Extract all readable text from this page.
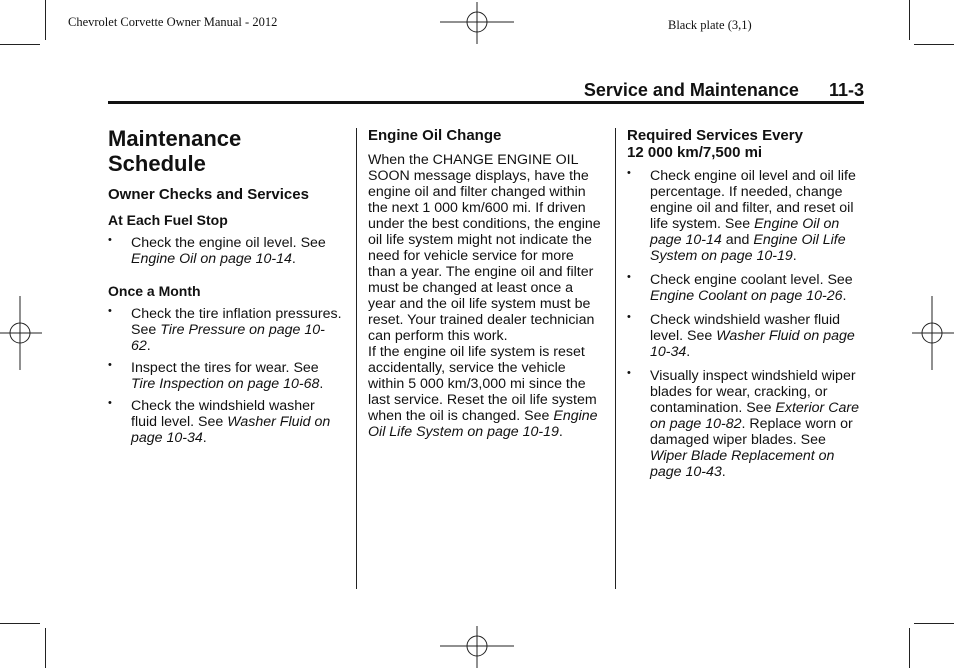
Chevrolet Corvette Owner Manual - 2012	Black plate (3,1)
Service and Maintenance 11-3
Maintenance Schedule
Owner Checks and Services
At Each Fuel Stop
• Check the engine oil level. See Engine Oil on page 10-14.
Once a Month
• Check the tire inflation pressures. See Tire Pressure on page 10-62.
• Inspect the tires for wear. See Tire Inspection on page 10-68.
• Check the windshield washer fluid level. See Washer Fluid on page 10-34.
Engine Oil Change

When the CHANGE ENGINE OIL SOON message displays, have the engine oil and filter changed within the next 1 000 km/600 mi. If driven under the best conditions, the engine oil life system might not indicate the need for vehicle service for more than a year. The engine oil and filter must be changed at least once a year and the oil life system must be reset. Your trained dealer technician can perform this work.

If the engine oil life system is reset accidentally, service the vehicle within 5 000 km/3,000 mi since the last service. Reset the oil life system when the oil is changed. See Engine Oil Life System on page 10-19.

Required Services Every
12 000 km/7,500 mi
• Check engine oil level and oil life percentage. If needed, change engine oil and filter, and reset oil life system. See Engine Oil on page 10-14 and Engine Oil Life System on page 10-19.
• Check engine coolant level. See Engine Coolant on page 10-26.
• Check windshield washer fluid level. See Washer Fluid on page 10-34.
• Visually inspect windshield wiper blades for wear, cracking, or contamination. See Exterior Care on page 10-82. Replace worn or damaged wiper blades. See Wiper Blade Replacement on page 10-43.
